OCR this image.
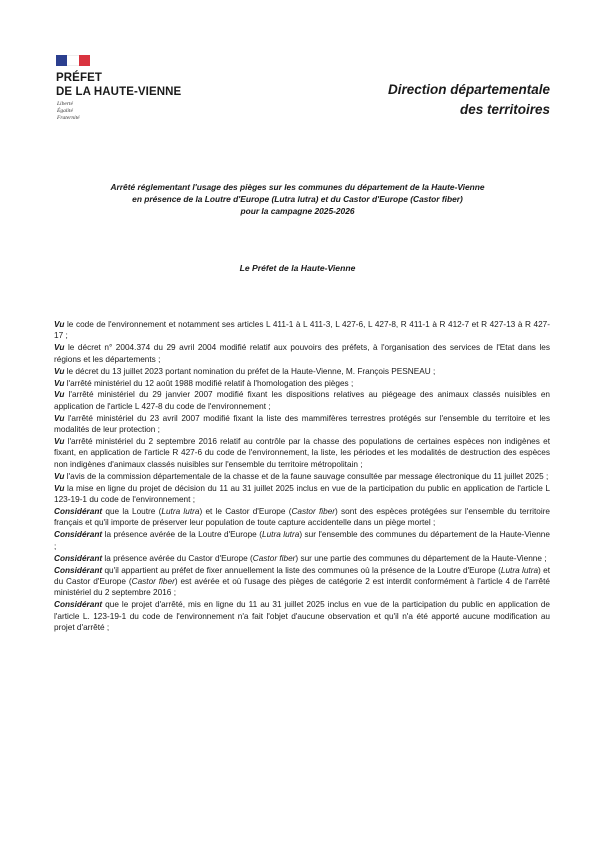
PRÉFET
DE LA HAUTE-VIENNE
Liberté
Égalité
Fraternité
Direction départementale
des territoires
Arrêté réglementant l'usage des pièges sur les communes du département de la Haute-Vienne
en présence de la Loutre d'Europe (Lutra lutra) et du Castor d'Europe (Castor fiber)
pour la campagne 2025-2026
Le Préfet de la Haute-Vienne

Vu le code de l'environnement et notamment ses articles L 411-1 à L 411-3, L 427-6, L 427-8, R 411-1 à R 412-7 et R 427-13 à R 427-17 ;

Vu le décret n° 2004.374 du 29 avril 2004 modifié relatif aux pouvoirs des préfets, à l'organisation des services de l'Etat dans les régions et les départements ;

Vu le décret du 13 juillet 2023 portant nomination du préfet de la Haute-Vienne, M. François PESNEAU ;

Vu l'arrêté ministériel du 12 août 1988 modifié relatif à l'homologation des pièges ;

Vu l'arrêté ministériel du 29 janvier 2007 modifié fixant les dispositions relatives au piégeage des animaux classés nuisibles en application de l'article L 427-8 du code de l'environnement ;

Vu l'arrêté ministériel du 23 avril 2007 modifié fixant la liste des mammifères terrestres protégés sur l'ensemble du territoire et les modalités de leur protection ;

Vu l'arrêté ministériel du 2 septembre 2016 relatif au contrôle par la chasse des populations de certaines espèces non indigènes et fixant, en application de l'article R 427-6 du code de l'environnement, la liste, les périodes et les modalités de destruction des espèces non indigènes d'animaux classés nuisibles sur l'ensemble du territoire métropolitain ;

Vu l'avis de la commission départementale de la chasse et de la faune sauvage consultée par message électronique du 11 juillet 2025 ;

Vu la mise en ligne du projet de décision du 11 au 31 juillet 2025 inclus en vue de la participation du public en application de l'article L 123-19-1 du code de l'environnement ;

Considérant que la Loutre (Lutra lutra) et le Castor d'Europe (Castor fiber) sont des espèces protégées sur l'ensemble du territoire français et qu'il importe de préserver leur population de toute capture accidentelle dans un piège mortel ;

Considérant la présence avérée de la Loutre d'Europe (Lutra lutra) sur l'ensemble des communes du département de la Haute-Vienne ;

Considérant la présence avérée du Castor d'Europe (Castor fiber) sur une partie des communes du département de la Haute-Vienne ;

Considérant qu'il appartient au préfet de fixer annuellement la liste des communes où la présence de la Loutre d'Europe (Lutra lutra) et du Castor d'Europe (Castor fiber) est avérée et où l'usage des pièges de catégorie 2 est interdit conformément à l'article 4 de l'arrêté ministériel du 2 septembre 2016 ;

Considérant que le projet d'arrêté, mis en ligne du 11 au 31 juillet 2025 inclus en vue de la participation du public en application de l'article L. 123-19-1 du code de l'environnement n'a fait l'objet d'aucune observation et qu'il n'a été apporté aucune modification au projet d'arrêté ;
